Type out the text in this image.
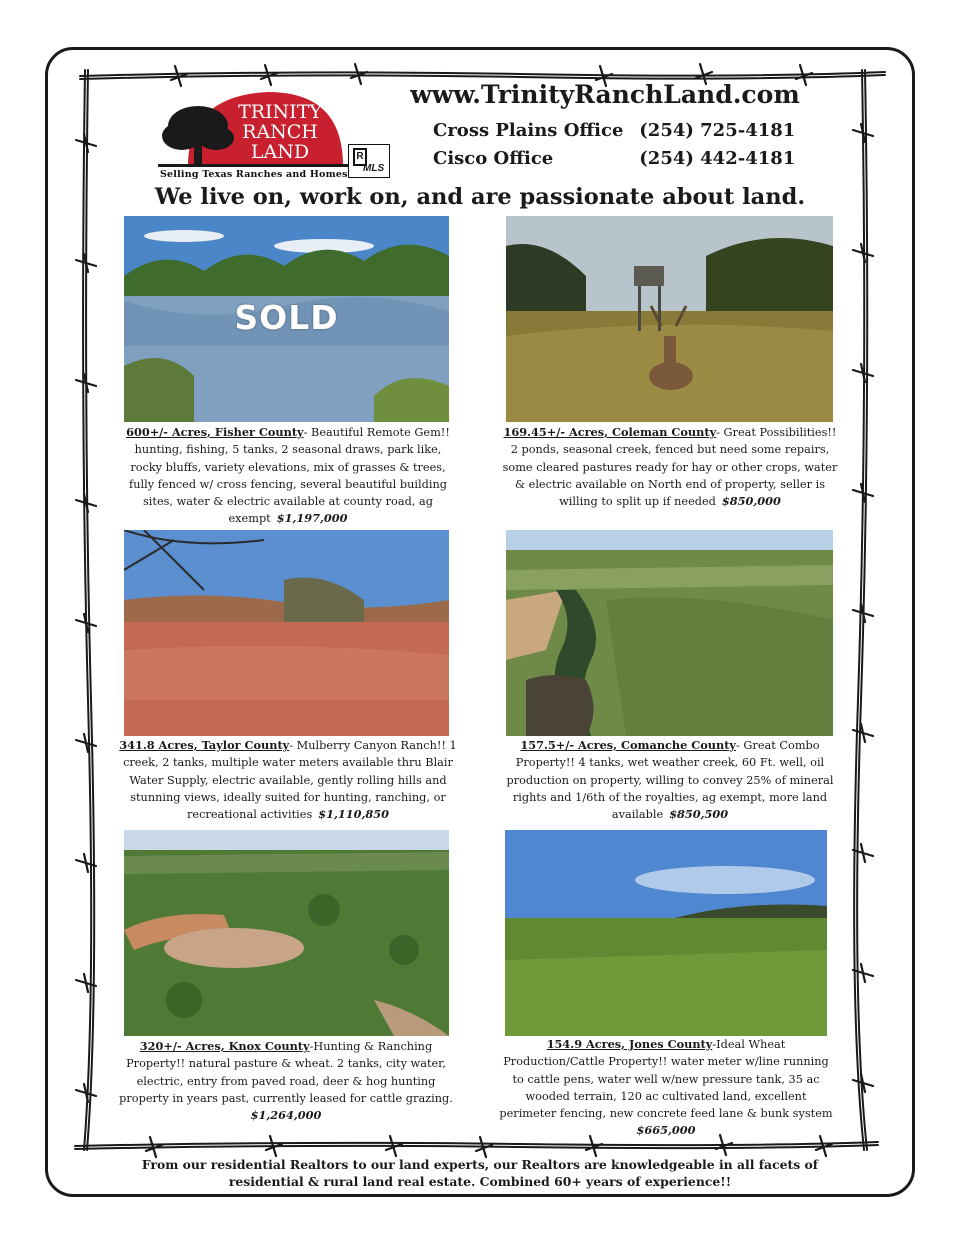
TRINITY
RANCH
LAND
Selling Texas Ranches and Homes
R
MLS
www.TrinityRanchLand.com
Cross Plains Office (254) 725-4181
Cisco Office	(254) 442-4181
We live on, work on, and are passionate about land.
SOLD
600+/- Acres, Fisher County- Beautiful Remote Gem!! hunting, fishing, 5 tanks, 2 seasonal draws, park like, rocky bluffs, variety elevations, mix of grasses & trees, fully fenced w/ cross fencing, several beautiful building sites, water & electric available at county road, ag exempt $1,197,000
169.45+/- Acres, Coleman County- Great Possibilities!! 2 ponds, seasonal creek, fenced but need some repairs, some cleared pastures ready for hay or other crops, water & electric available on North end of property, seller is willing to split up if needed $850,000
341.8 Acres, Taylor County- Mulberry Canyon Ranch!! 1 creek, 2 tanks, multiple water meters available thru Blair Water Supply, electric available, gently rolling hills and stunning views, ideally suited for hunting, ranching, or recreational activities $1,110,850
157.5+/- Acres, Comanche County- Great Combo Property!! 4 tanks, wet weather creek, 60 Ft. well, oil production on property, willing to convey 25% of mineral rights and 1/6th of the royalties, ag exempt, more land available $850,500
320+/- Acres, Knox County-Hunting & Ranching Property!! natural pasture & wheat. 2 tanks, city water, electric, entry from paved road, deer & hog hunting property in years past, currently leased for cattle grazing.
$1,264,000
154.9 Acres, Jones County-Ideal Wheat Production/Cattle Property!! water meter w/line running to cattle pens, water well w/new pressure tank, 35 ac wooded terrain, 120 ac cultivated land, excellent perimeter fencing, new concrete feed lane & bunk system
$665,000
From our residential Realtors to our land experts, our Realtors are knowledgeable in all facets of
residential & rural land real estate. Combined 60+ years of experience!!
